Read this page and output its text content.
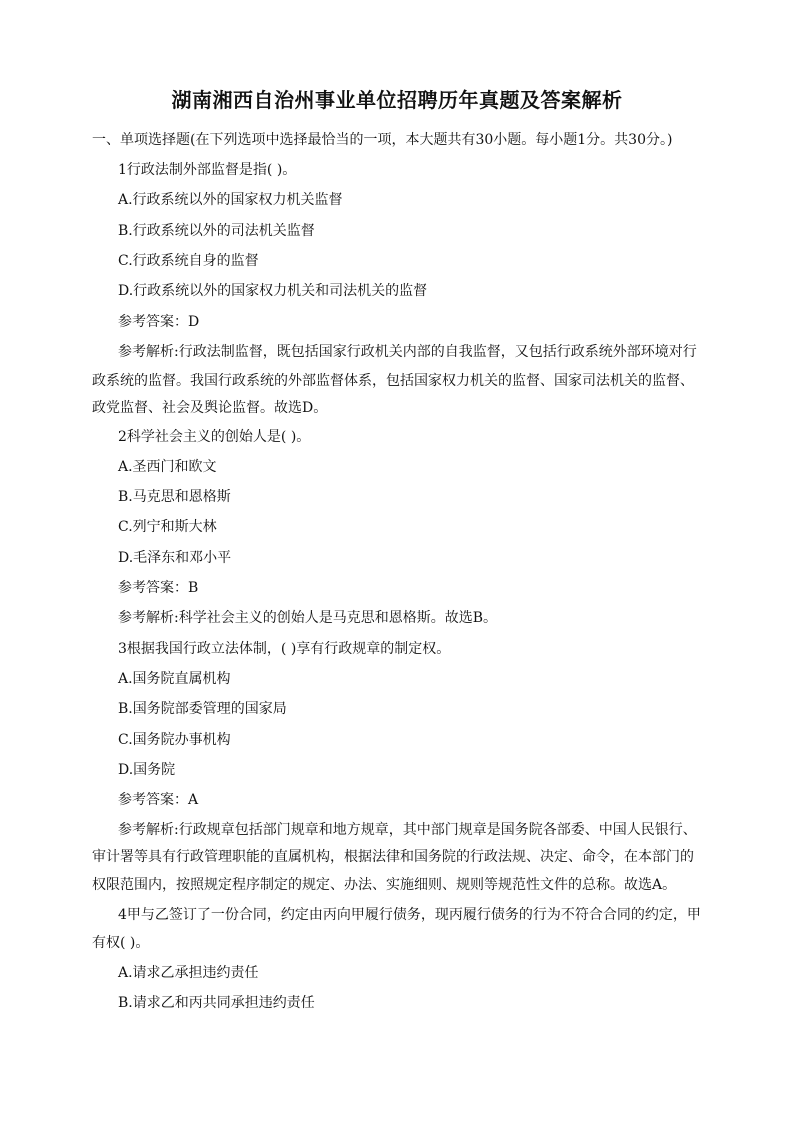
湖南湘西自治州事业单位招聘历年真题及答案解析
一、单项选择题(在下列选项中选择最恰当的一项，本大题共有30小题。每小题1分。共30分。)
1行政法制外部监督是指( )。
A.行政系统以外的国家权力机关监督
B.行政系统以外的司法机关监督
C.行政系统自身的监督
D.行政系统以外的国家权力机关和司法机关的监督
参考答案：D
参考解析:行政法制监督，既包括国家行政机关内部的自我监督，又包括行政系统外部环境对行
政系统的监督。我国行政系统的外部监督体系，包括国家权力机关的监督、国家司法机关的监督、
政党监督、社会及舆论监督。故选D。
2科学社会主义的创始人是( )。
A.圣西门和欧文
B.马克思和恩格斯
C.列宁和斯大林
D.毛泽东和邓小平
参考答案：B
参考解析:科学社会主义的创始人是马克思和恩格斯。故选B。
3根据我国行政立法体制，( )享有行政规章的制定权。
A.国务院直属机构
B.国务院部委管理的国家局
C.国务院办事机构
D.国务院
参考答案：A
参考解析:行政规章包括部门规章和地方规章，其中部门规章是国务院各部委、中国人民银行、
审计署等具有行政管理职能的直属机构，根据法律和国务院的行政法规、决定、命令，在本部门的
权限范围内，按照规定程序制定的规定、办法、实施细则、规则等规范性文件的总称。故选A。
4甲与乙签订了一份合同，约定由丙向甲履行债务，现丙履行债务的行为不符合合同的约定，甲
有权( )。
A.请求乙承担违约责任
B.请求乙和丙共同承担违约责任
